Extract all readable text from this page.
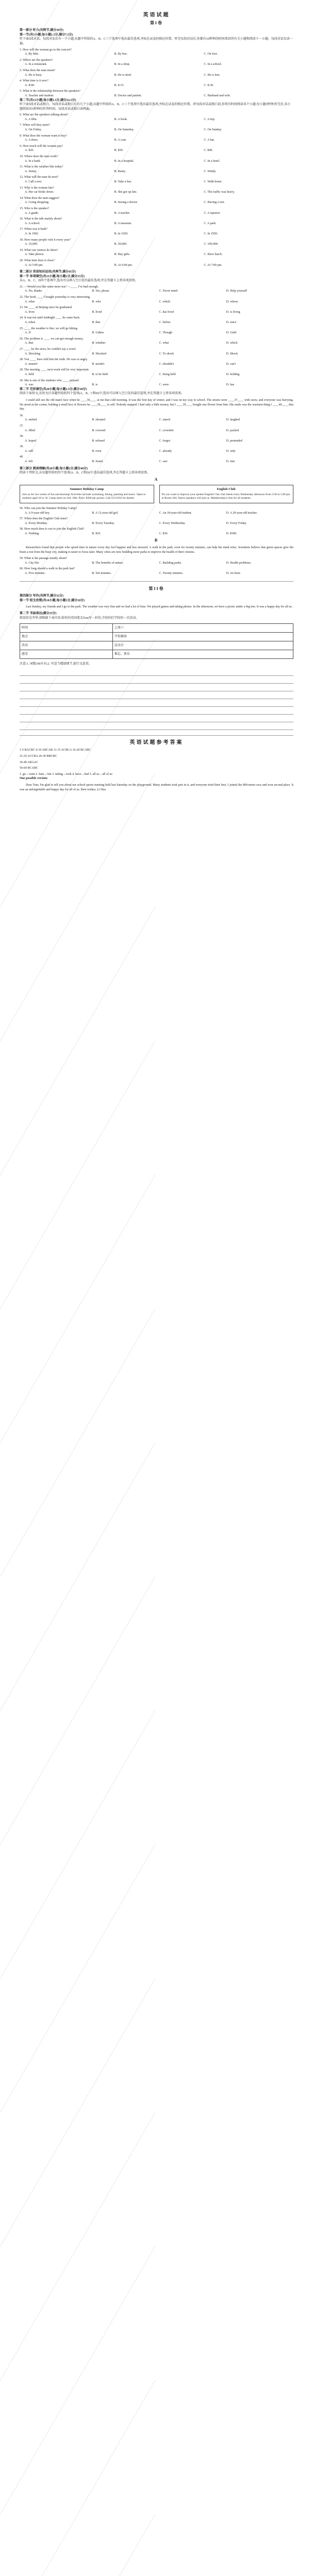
英语试题
第I卷
第一部分 听力(共两节,满分30分)
第一节(共5小题;每小题1.5分,满分7.5分)
听下面5段对话。每段对话后有一个小题,从题中所给的A、B、C三个选项中选出最佳选项,并标在试卷的相应位置。听完每段对话后,你都有10秒钟的时间来回答有关小题和阅读下一小题。每段对话仅读一遍。
1. How will the woman go to the concert?
A. By bike.	B. By bus.	C. On foot.
2. Where are the speakers?
A. In a restaurant.	B. In a shop.	C. In a school.
3. What does the man mean?
A. He is busy.	B. He is tired.	C. He is free.
4. What time is it now?
A. 8:00.	B. 8:15.	C. 8:30.
5. What is the relationship between the speakers?
A. Teacher and student.	B. Doctor and patient.	C. Husband and wife.
第二节(共15小题;每小题1.5分,满分22.5分)
听下面5段对话或独白。每段对话或独白后有几个小题,从题中所给的A、B、C三个选项中选出最佳选项,并标在试卷的相应位置。听每段对话或独白前,你将有时间阅读各个小题,每小题5秒钟;听完后,各小题将给出5秒钟的作答时间。每段对话或独白读两遍。
6. What are the speakers talking about?
A. A film.	B. A book.	C. A trip.
7. When will they meet?
A. On Friday.	B. On Saturday.	C. On Sunday.
8. What does the woman want to buy?
A. A dress.	B. A coat.	C. A hat.
9. How much will the woman pay?
A. $20.	B. $30.	C. $40.
10. Where does the man work?
A. In a bank.	B. In a hospital.	C. In a hotel.
11. What is the weather like today?
A. Sunny.	B. Rainy.	C. Windy.
12. What will the man do next?
A. Call a taxi.	B. Take a bus.	C. Walk home.
13. Why is the woman late?
A. Her car broke down.	B. She got up late.	C. The traffic was heavy.
14. What does the man suggest?
A. Going shopping.	B. Seeing a doctor.	C. Having a rest.
15. Who is the speaker?
A. A guide.	B. A teacher.	C. A reporter.
16. What is the talk mainly about?
A. A school.	B. A museum.	C. A park.
17. When was it built?
A. In 1902.	B. In 1920.	C. In 1950.
18. How many people visit it every year?
A. 10,000.	B. 50,000.	C. 100,000.
19. What can visitors do there?
A. Take photos.	B. Buy gifts.	C. Have lunch.
20. What time does it close?
A. At 5:00 pm.	B. At 6:00 pm.	C. At 7:00 pm.
第二部分 英语知识运用(共两节,满分45分)
第一节 单项填空(共15小题;每小题1分,满分15分)
从A、B、C、D四个选项中,选出可以填入空白处的最佳选项,并在答题卡上将该项涂黑。
21. —Would you like some more tea? —____. I've had enough.
A. No, thanks	B. Yes, please	C. Never mind	D. Help yourself
22. The book ____ I bought yesterday is very interesting.
A. what	B. who	C. which	D. whose
23. He ____ in Beijing since he graduated.
A. lives	B. lived	C. has lived	D. is living
24. It was not until midnight ____ he came back.
A. when	B. that	C. before	D. since
25. ____ the weather is fine, we will go hiking.
A. If	B. Unless	C. Though	D. Until
26. The problem is ____ we can get enough money.
A. that	B. whether	C. what	D. which
27. ____ by the news, he couldn't say a word.
A. Shocking	B. Shocked	C. To shock	D. Shock
28. You ____ have told him the truth. He was so angry.
A. mustn't	B. needn't	C. shouldn't	D. can't
29. The meeting ____ next week will be very important.
A. held	B. to be held	C. being held	D. holding
30. She is one of the students who ____ praised.
A. was	B. is	C. were	D. has
第二节 完形填空(共20小题;每小题1.5分,满分30分)
阅读下面短文,从短文后各题所给的四个选项(A、B、C和D)中,选出可以填入空白处的最佳选项,并在答题卡上将该项涂黑。
I could still see the old man's face when he ____36____ at me that cold morning. It was the first day of winter, and I was on my way to school. The streets were ____37____ with snow, and everyone was hurrying. He stood at the corner, holding a small box of flowers he ____38____ to sell. Nobody stopped. I had only a little money, but I ____39____ bought one flower from him. His smile was the warmest thing I ____40____ that day.
36.
A. smiled	B. shouted	C. stared	D. laughed
37.
A. filled	B. covered	C. crowded	D. packed
38.
A. hoped	B. refused	C. forgot	D. pretended
39.
A. still	B. even	C. already	D. only
40.
A. felt	B. found	C. saw	D. met
第三部分 阅读理解(共20小题;每小题2分,满分40分)
阅读下列短文,从每题所给的四个选项(A、B、C和D)中,选出最佳选项,并在答题卡上将该项涂黑。
A
Summer Holiday Camp
Join us for two weeks of fun and learning! Activities include swimming, hiking, painting and music. Open to students aged 10 to 16. Camp starts on July 10th. Price: $300 per person. Call 555-0192 for details.
English Club
Do you want to improve your spoken English? Our club meets every Wednesday afternoon from 3:30 to 5:00 pm in Room 204. Native speakers will join us. Membership is free for all students.
56. Who can join the Summer Holiday Camp?
A. A 9-year-old boy.	B. A 12-year-old girl.	C. An 18-year-old student.	D. A 20-year-old teacher.
57. When does the English Club meet?
A. Every Monday.	B. Every Tuesday.	C. Every Wednesday.	D. Every Friday.
58. How much does it cost to join the English Club?
A. Nothing.	B. $10.	C. $30.	D. $300.
B
Researchers found that people who spend time in nature every day feel happier and less stressed. A walk in the park, even for twenty minutes, can help the mind relax. Scientists believe that green spaces give the brain a rest from the busy city, making it easier to focus later. Many cities are now building more parks to improve the health of their citizens.
59. What is the passage mainly about?
A. City life.	B. The benefits of nature.	C. Building parks.	D. Health problems.
60. How long should a walk in the park last?
A. Five minutes.	B. Ten minutes.	C. Twenty minutes.	D. An hour.
第II卷
第四部分 写作(共两节,满分35分)
第一节 短文改错(共10小题;每小题1分,满分10分)
Last Sunday, my friends and I go to the park. The weather was very fine and we had a lot of funs. We played games and taking photos. In the afternoon, we have a picnic under a big tree. It was a happy day for all us.
第二节 书面表达(满分25分)
假设你是李华,请根据下表内容,给你的英国笔友Tom写一封信,介绍你们学校的一次活动。
时间	上周六
地点	学校操场
活动	运动会
感受	难忘、快乐
注意:1. 词数100左右;2. 可适当增加细节,使行文连贯。
英语试题参考答案
1-5 BACBC 6-10 ABCAB 11-15 ACBCA 16-20 BCABC
21-25 ACCBA 26-30 BBCBC
36-40 ABAAC
56-60 BCABC
1. go→went 2. funs→fun 3. taking→took 4. have→had 5. all us→all of us
One possible version:
Dear Tom, I'm glad to tell you about our school sports meeting held last Saturday on the playground. Many students took part in it, and everyone tried their best. I joined the 800-metre race and won second place. It was an unforgettable and happy day for all of us. Best wishes, Li Hua
